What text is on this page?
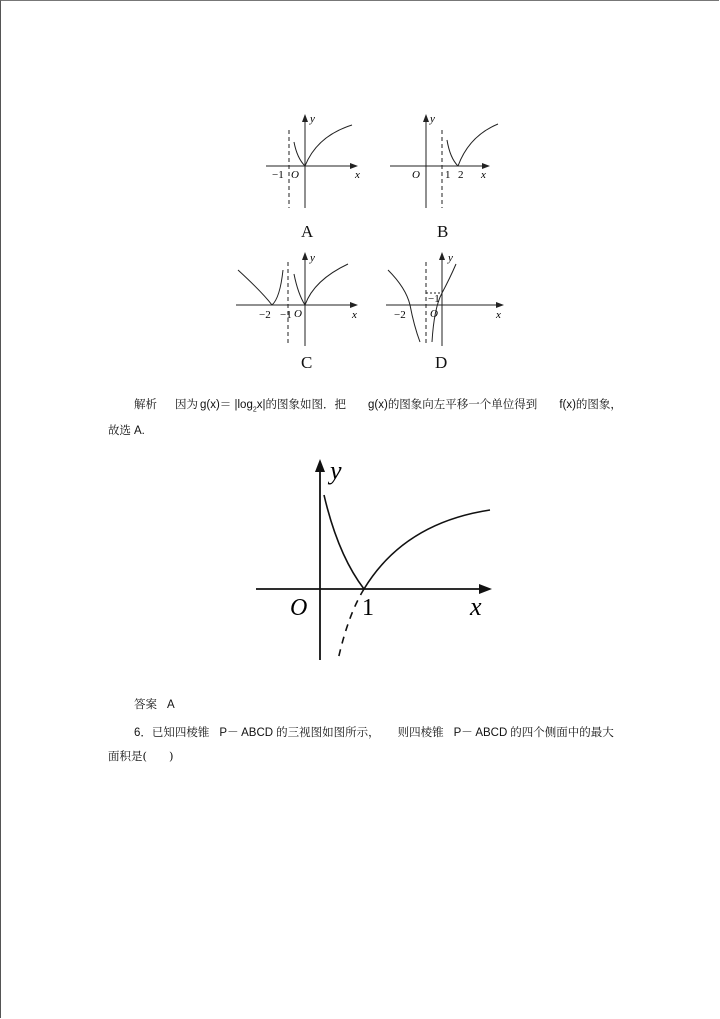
−1 O	x
y
A
O 1 2 x
y
B
−2 −1 O	x
y
C
−2
−1
O	x
y
D
解析 因为 $g(x)= |\log_2x|$的图象如图．把 g(x)的图象向左平移一个单位得到 f(x)的图象，
故选 A.
y
x
O 1
答案 A
6．已知四棱锥 P－ ABCD 的三视图如图所示， 则四棱锥 P－ ABCD 的四个侧面中的最大
面积是( )
